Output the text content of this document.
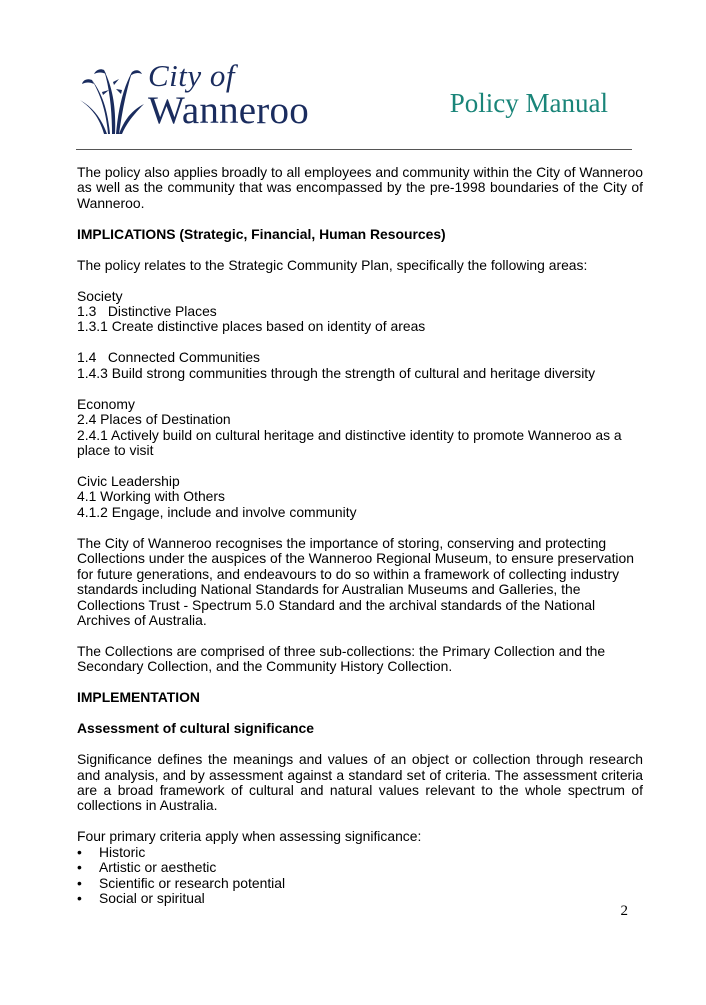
City of
Wanneroo	Policy Manual

The policy also applies broadly to all employees and community within the City of Wanneroo as well as the community that was encompassed by the pre-1998 boundaries of the City of Wanneroo.

IMPLICATIONS (Strategic, Financial, Human Resources)

The policy relates to the Strategic Community Plan, specifically the following areas:

Society
1.3   Distinctive Places
1.3.1 Create distinctive places based on identity of areas

1.4   Connected Communities
1.4.3 Build strong communities through the strength of cultural and heritage diversity

Economy
2.4 Places of Destination
2.4.1 Actively build on cultural heritage and distinctive identity to promote Wanneroo as a place to visit

Civic Leadership
4.1 Working with Others
4.1.2 Engage, include and involve community

The City of Wanneroo recognises the importance of storing, conserving and protecting Collections under the auspices of the Wanneroo Regional Museum, to ensure preservation for future generations, and endeavours to do so within a framework of collecting industry standards including National Standards for Australian Museums and Galleries, the Collections Trust - Spectrum 5.0 Standard and the archival standards of the National Archives of Australia.

The Collections are comprised of three sub-collections: the Primary Collection and the Secondary Collection, and the Community History Collection.

IMPLEMENTATION

Assessment of cultural significance

Significance defines the meanings and values of an object or collection through research and analysis, and by assessment against a standard set of criteria. The assessment criteria are a broad framework of cultural and natural values relevant to the whole spectrum of collections in Australia.

Four primary criteria apply when assessing significance:
• Historic
• Artistic or aesthetic
• Scientific or research potential
• Social or spiritual
2
